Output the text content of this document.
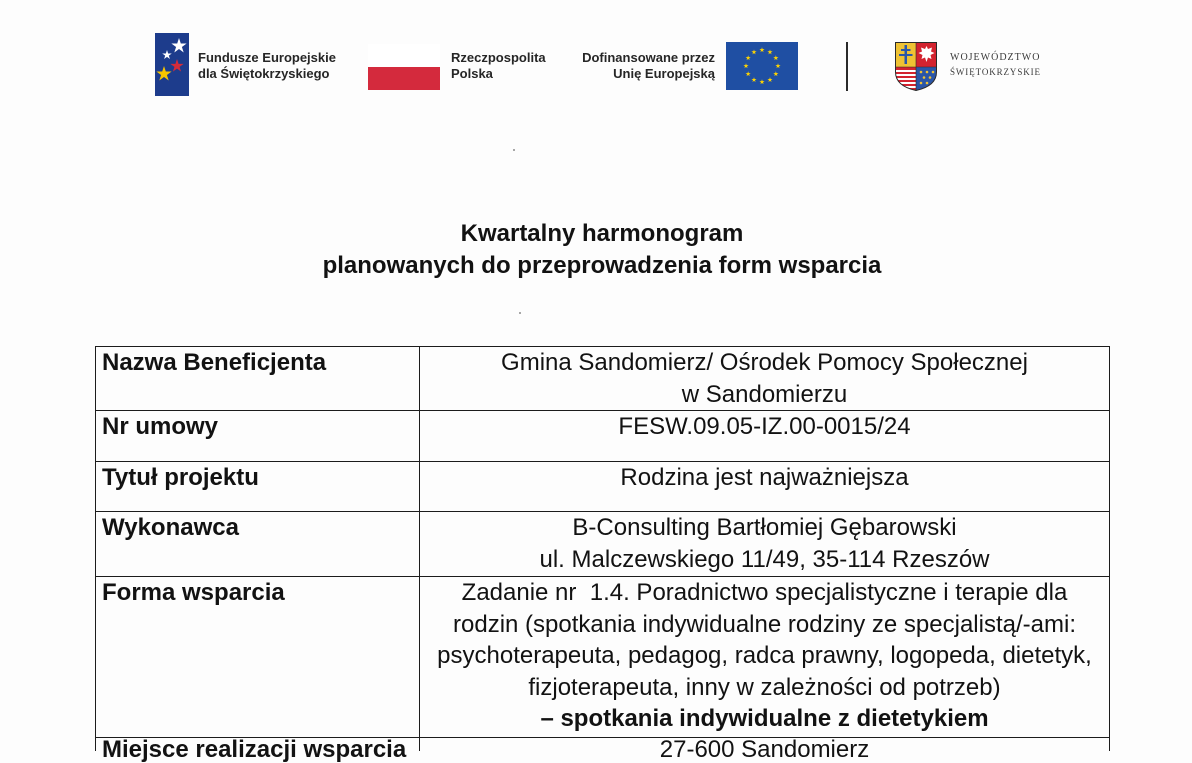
Fundusze Europejskie
dla Świętokrzyskiego
Rzeczpospolita
Polska
Dofinansowane przez
Unię Europejską
WOJEWÓDZTWO
ŚWIĘTOKRZYSKIE
Kwartalny harmonogram
planowanych do przeprowadzenia form wsparcia
Nazwa Beneficjenta	Gmina Sandomierz/ Ośrodek Pomocy Społecznej
w Sandomierzu
Nr umowy	FESW.09.05-IZ.00-0015/24
Tytuł projektu	Rodzina jest najważniejsza
Wykonawca	B-Consulting Bartłomiej Gębarowski
ul. Malczewskiego 11/49, 35-114 Rzeszów
Forma wsparcia	Zadanie nr  1.4. Poradnictwo specjalistyczne i terapie dla
rodzin (spotkania indywidualne rodziny ze specjalistą/-ami:
psychoterapeuta, pedagog, radca prawny, logopeda, dietetyk,
fizjoterapeuta, inny w zależności od potrzeb)
– spotkania indywidualne z dietetykiem
Miejsce realizacji wsparcia	27-600 Sandomierz
